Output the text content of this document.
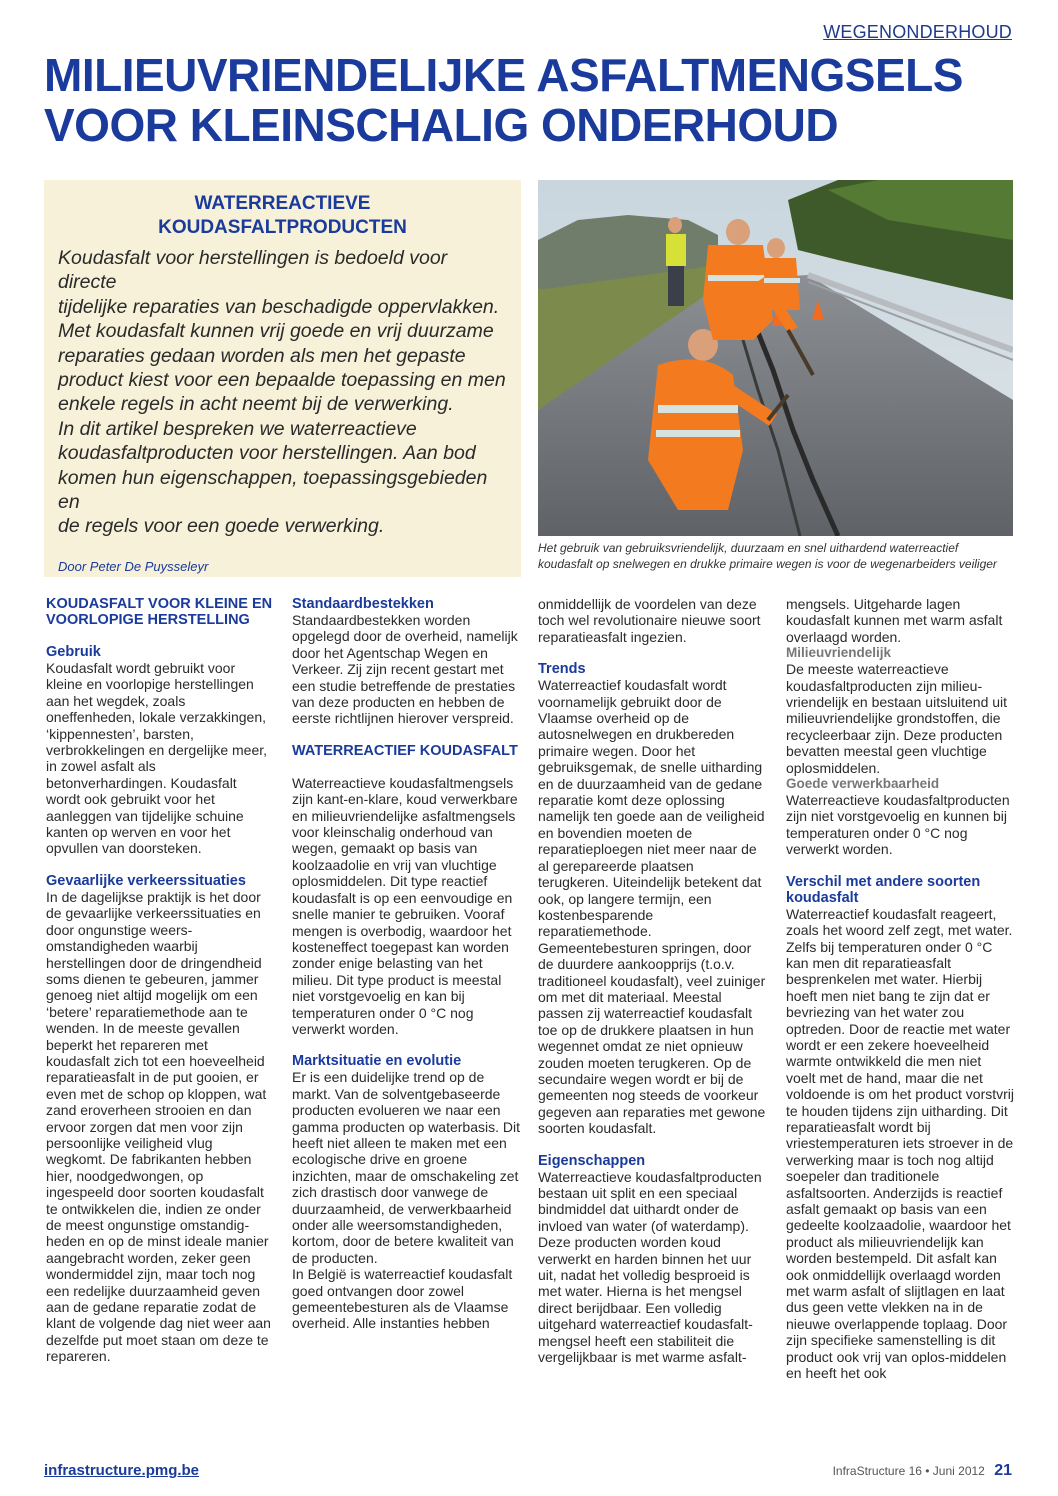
WEGENONDERHOUD
MILIEUVRIENDELIJKE ASFALTMENGSELS
VOOR KLEINSCHALIG ONDERHOUD
WATERREACTIEVE
KOUDASFALTPRODUCTEN

Koudasfalt voor herstellingen is bedoeld voor directe
tijdelijke reparaties van beschadigde oppervlakken.
Met koudasfalt kunnen vrij goede en vrij duurzame
reparaties gedaan worden als men het gepaste
product kiest voor een bepaalde toepassing en men
enkele regels in acht neemt bij de verwerking.
In dit artikel bespreken we waterreactieve
koudasfaltproducten voor herstellingen. Aan bod
komen hun eigenschappen, toepassingsgebieden en
de regels voor een goede verwerking.

Door Peter De Puysseleyr
Het gebruik van gebruiksvriendelijk, duurzaam en snel uithardend waterreactief koudasfalt op snelwegen en drukke primaire wegen is voor de wegenarbeiders veiliger
KOUDASFALT VOOR KLEINE EN VOORLOPIGE HERSTELLING
Gebruik

Koudasfalt wordt gebruikt voor kleine en voorlopige herstellingen aan het wegdek, zoals oneffenheden, lokale verzakkingen, ‘kippennesten’, barsten, verbrokkelingen en dergelijke meer, in zowel asfalt als betonverhardingen. Koudasfalt wordt ook gebruikt voor het aanleggen van tijdelijke schuine kanten op werven en voor het opvullen van doorsteken.

Gevaarlijke verkeerssituaties

In de dagelijkse praktijk is het door de gevaarlijke verkeerssituaties en door ongunstige weers-omstandigheden waarbij herstellingen door de dringendheid soms dienen te gebeuren, jammer genoeg niet altijd mogelijk om een ‘betere’ reparatiemethode aan te wenden. In de meeste gevallen beperkt het repareren met koudasfalt zich tot een hoeveelheid reparatieasfalt in de put gooien, er even met de schop op kloppen, wat zand eroverheen strooien en dan ervoor zorgen dat men voor zijn persoonlijke veiligheid vlug wegkomt. De fabrikanten hebben hier, noodgedwongen, op ingespeeld door soorten koudasfalt te ontwikkelen die, indien ze onder de meest ongunstige omstandig-heden en op de minst ideale manier aangebracht worden, zeker geen wondermiddel zijn, maar toch nog een redelijke duurzaamheid geven aan de gedane reparatie zodat de klant de volgende dag niet weer aan dezelfde put moet staan om deze te repareren.

Standaardbestekken

Standaardbestekken worden opgelegd door de overheid, namelijk door het Agentschap Wegen en Verkeer. Zij zijn recent gestart met een studie betreffende de prestaties van deze producten en hebben de eerste richtlijnen hierover verspreid.

WATERREACTIEF KOUDASFALT

Waterreactieve koudasfaltmengsels zijn kant-en-klare, koud verwerkbare en milieuvriendelijke asfaltmengsels voor kleinschalig onderhoud van wegen, gemaakt op basis van koolzaadolie en vrij van vluchtige oplosmiddelen. Dit type reactief koudasfalt is op een eenvoudige en snelle manier te gebruiken. Vooraf mengen is overbodig, waardoor het kosteneffect toegepast kan worden zonder enige belasting van het milieu. Dit type product is meestal niet vorstgevoelig en kan bij temperaturen onder 0 °C nog verwerkt worden.

Marktsituatie en evolutie

Er is een duidelijke trend op de markt. Van de solventgebaseerde producten evolueren we naar een gamma producten op waterbasis. Dit heeft niet alleen te maken met een ecologische drive en groene inzichten, maar de omschakeling zet zich drastisch door vanwege de duurzaamheid, de verwerkbaarheid onder alle weersomstandigheden, kortom, door de betere kwaliteit van de producten.

In België is waterreactief koudasfalt goed ontvangen door zowel gemeentebesturen als de Vlaamse overheid. Alle instanties hebben

onmiddellijk de voordelen van deze toch wel revolutionaire nieuwe soort reparatieasfalt ingezien.

Trends

Waterreactief koudasfalt wordt voornamelijk gebruikt door de Vlaamse overheid op de autosnelwegen en drukbereden primaire wegen. Door het gebruiksgemak, de snelle uitharding en de duurzaamheid van de gedane reparatie komt deze oplossing namelijk ten goede aan de veiligheid en bovendien moeten de reparatieploegen niet meer naar de al gerepareerde plaatsen terugkeren. Uiteindelijk betekent dat ook, op langere termijn, een kostenbesparende reparatiemethode. Gemeentebesturen springen, door de duurdere aankoopprijs (t.o.v. traditioneel koudasfalt), veel zuiniger om met dit materiaal. Meestal passen zij waterreactief koudasfalt toe op de drukkere plaatsen in hun wegennet omdat ze niet opnieuw zouden moeten terugkeren. Op de secundaire wegen wordt er bij de gemeenten nog steeds de voorkeur gegeven aan reparaties met gewone soorten koudasfalt.

Eigenschappen

Waterreactieve koudasfaltproducten bestaan uit split en een speciaal bindmiddel dat uithardt onder de invloed van water (of waterdamp). Deze producten worden koud verwerkt en harden binnen het uur uit, nadat het volledig besproeid is met water. Hierna is het mengsel direct berijdbaar. Een volledig uitgehard waterreactief koudasfalt-mengsel heeft een stabiliteit die vergelijkbaar is met warme asfalt-

mengsels. Uitgeharde lagen koudasfalt kunnen met warm asfalt overlaagd worden.

Milieuvriendelijk

De meeste waterreactieve koudasfaltproducten zijn milieu-vriendelijk en bestaan uitsluitend uit milieuvriendelijke grondstoffen, die recycleerbaar zijn. Deze producten bevatten meestal geen vluchtige oplosmiddelen.

Goede verwerkbaarheid

Waterreactieve koudasfaltproducten zijn niet vorstgevoelig en kunnen bij temperaturen onder 0 °C nog verwerkt worden.

Verschil met andere soorten koudasfalt

Waterreactief koudasfalt reageert, zoals het woord zelf zegt, met water. Zelfs bij temperaturen onder 0 °C kan men dit reparatieasfalt besprenkelen met water. Hierbij hoeft men niet bang te zijn dat er bevriezing van het water zou optreden. Door de reactie met water wordt er een zekere hoeveelheid warmte ontwikkeld die men niet voelt met de hand, maar die net voldoende is om het product vorstvrij te houden tijdens zijn uitharding. Dit reparatieasfalt wordt bij vriestemperaturen iets stroever in de verwerking maar is toch nog altijd soepeler dan traditionele asfaltsoorten. Anderzijds is reactief asfalt gemaakt op basis van een gedeelte koolzaadolie, waardoor het product als milieuvriendelijk kan worden bestempeld. Dit asfalt kan ook onmiddellijk overlaagd worden met warm asfalt of slijtlagen en laat dus geen vette vlekken na in de nieuwe overlappende toplaag. Door zijn specifieke samenstelling is dit product ook vrij van oplos-middelen en heeft het ook

infrastructure.pmg.be	InfraStructure 16 • Juni 2012 21
